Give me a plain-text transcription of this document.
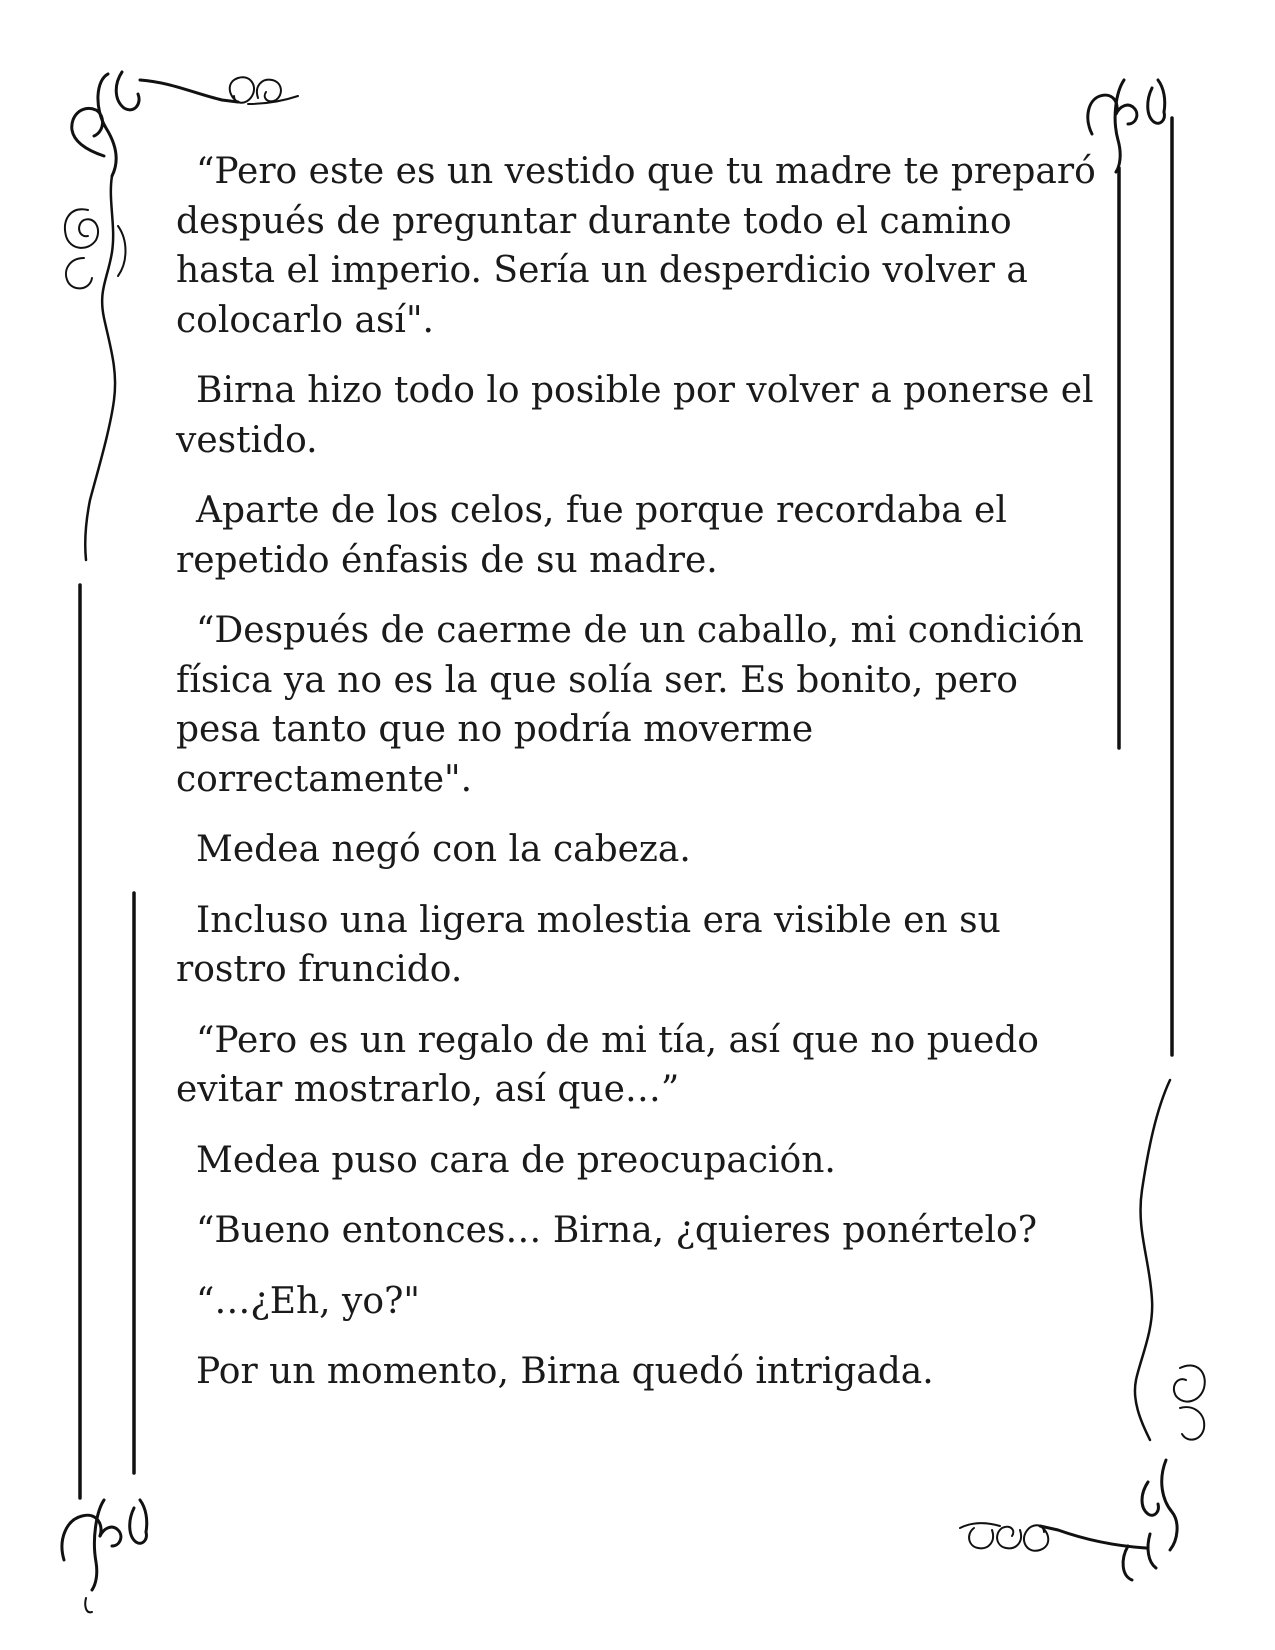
“Pero este es un vestido que tu madre te preparó después de preguntar durante todo el camino hasta el imperio. Sería un desperdicio volver a colocarlo así".

Birna hizo todo lo posible por volver a ponerse el vestido.

Aparte de los celos, fue porque recordaba el repetido énfasis de su madre.

“Después de caerme de un caballo, mi condición física ya no es la que solía ser. Es bonito, pero pesa tanto que no podría moverme correctamente".

Medea negó con la cabeza.

Incluso una ligera molestia era visible en su rostro fruncido.

“Pero es un regalo de mi tía, así que no puedo evitar mostrarlo, así que…”

Medea puso cara de preocupación.

“Bueno entonces… Birna, ¿quieres ponértelo?

“…¿Eh, yo?"

Por un momento, Birna quedó intrigada.
